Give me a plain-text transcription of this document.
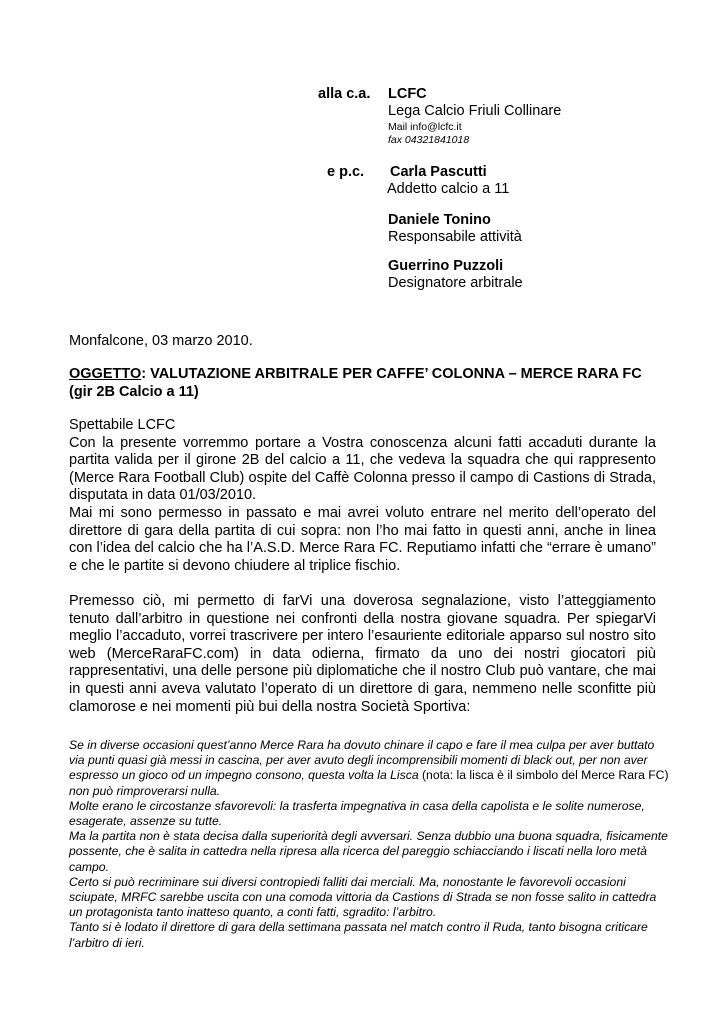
alla c.a. LCFC
Lega Calcio Friuli Collinare
Mail info@lcfc.it
fax 04321841018
e p.c. Carla Pascutti
Addetto calcio a 11
Daniele Tonino
Responsabile attività
Guerrino Puzzoli
Designatore arbitrale
Monfalcone, 03 marzo 2010.
OGGETTO: VALUTAZIONE ARBITRALE PER CAFFE’ COLONNA – MERCE RARA FC (gir 2B Calcio a 11)

Spettabile LCFC

Con la presente vorremmo portare a Vostra conoscenza alcuni fatti accaduti durante la partita valida per il girone 2B del calcio a 11, che vedeva la squadra che qui rappresento (Merce Rara Football Club) ospite del Caffè Colonna presso il campo di Castions di Strada, disputata in data 01/03/2010.

Mai mi sono permesso in passato e mai avrei voluto entrare nel merito dell’operato del direttore di gara della partita di cui sopra: non l’ho mai fatto in questi anni, anche in linea con l’idea del calcio che ha l’A.S.D. Merce Rara FC. Reputiamo infatti che “errare è umano” e che le partite si devono chiudere al triplice fischio.

Premesso ciò, mi permetto di farVi una doverosa segnalazione, visto l’atteggiamento tenuto dall’arbitro in questione nei confronti della nostra giovane squadra. Per spiegarVi meglio l’accaduto, vorrei trascrivere per intero l’esauriente editoriale apparso sul nostro sito web (MerceRaraFC.com) in data odierna, firmato da uno dei nostri giocatori più rappresentativi, una delle persone più diplomatiche che il nostro Club può vantare, che mai in questi anni aveva valutato l’operato di un direttore di gara, nemmeno nelle sconfitte più clamorose e nei momenti più bui della nostra Società Sportiva:

Se in diverse occasioni quest’anno Merce Rara ha dovuto chinare il capo e fare il mea culpa per aver buttato via punti quasi già messi in cascina, per aver avuto degli incomprensibili momenti di black out, per non aver espresso un gioco od un impegno consono, questa volta la Lisca (nota: la lisca è il simbolo del Merce Rara FC) non può rimproverarsi nulla.

Molte erano le circostanze sfavorevoli: la trasferta impegnativa in casa della capolista e le solite numerose, esagerate, assenze su tutte.

Ma la partita non è stata decisa dalla superiorità degli avversari. Senza dubbio una buona squadra, fisicamente possente, che è salita in cattedra nella ripresa alla ricerca del pareggio schiacciando i liscati nella loro metà campo.

Certo si può recriminare sui diversi contropiedi falliti dai merciali. Ma, nonostante le favorevoli occasioni sciupate, MRFC sarebbe uscita con una comoda vittoria da Castions di Strada se non fosse salito in cattedra un protagonista tanto inatteso quanto, a conti fatti, sgradito: l’arbitro.

Tanto si è lodato il direttore di gara della settimana passata nel match contro il Ruda, tanto bisogna criticare l’arbitro di ieri.
